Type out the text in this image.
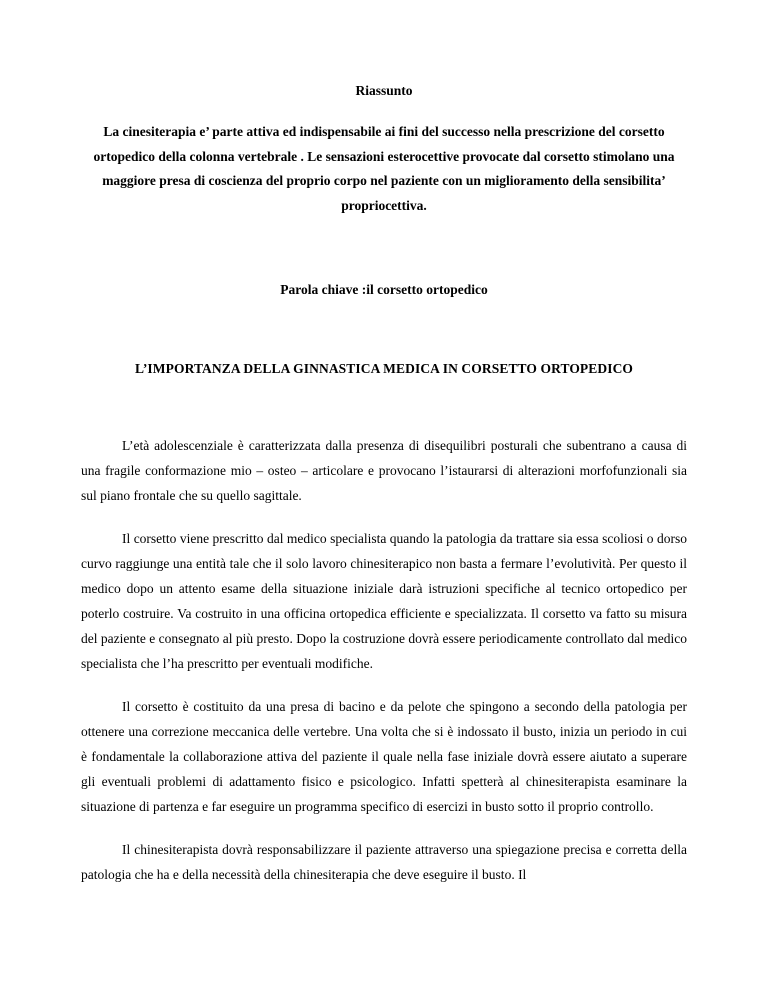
Riassunto
La cinesiterapia e’ parte attiva ed indispensabile ai fini del successo nella prescrizione del corsetto ortopedico della colonna vertebrale . Le sensazioni esterocettive provocate dal corsetto stimolano una maggiore presa di coscienza del proprio corpo nel paziente con un miglioramento della sensibilita’ propriocettiva.
Parola chiave :il corsetto ortopedico
L’IMPORTANZA DELLA GINNASTICA MEDICA IN CORSETTO ORTOPEDICO

L’età adolescenziale è caratterizzata dalla presenza di disequilibri posturali che subentrano a causa di una fragile conformazione mio – osteo – articolare e provocano l’istaurarsi di alterazioni morfofunzionali sia sul piano frontale che su quello sagittale.

Il corsetto viene prescritto dal medico specialista quando la patologia da trattare sia essa scoliosi o dorso curvo raggiunge una entità tale che il solo lavoro chinesiterapico non basta a fermare l’evolutività. Per questo il medico dopo un attento esame della situazione iniziale darà istruzioni specifiche al tecnico ortopedico per poterlo costruire. Va costruito in una officina ortopedica efficiente e specializzata. Il corsetto va fatto su misura del paziente e consegnato al più presto. Dopo la costruzione dovrà essere periodicamente controllato dal medico specialista che l’ha prescritto per eventuali modifiche.

Il corsetto è costituito da una presa di bacino e da pelote che spingono a secondo della patologia per ottenere una correzione meccanica delle vertebre. Una volta che si è indossato il busto, inizia un periodo in cui è fondamentale la collaborazione attiva del paziente il quale nella fase iniziale dovrà essere aiutato a superare gli eventuali problemi di adattamento fisico e psicologico. Infatti spetterà al chinesiterapista esaminare la situazione di partenza e far eseguire un programma specifico di esercizi in busto sotto il proprio controllo.

Il chinesiterapista dovrà responsabilizzare il paziente attraverso una spiegazione precisa e corretta della patologia che ha e della necessità della chinesiterapia che deve eseguire il busto. Il
